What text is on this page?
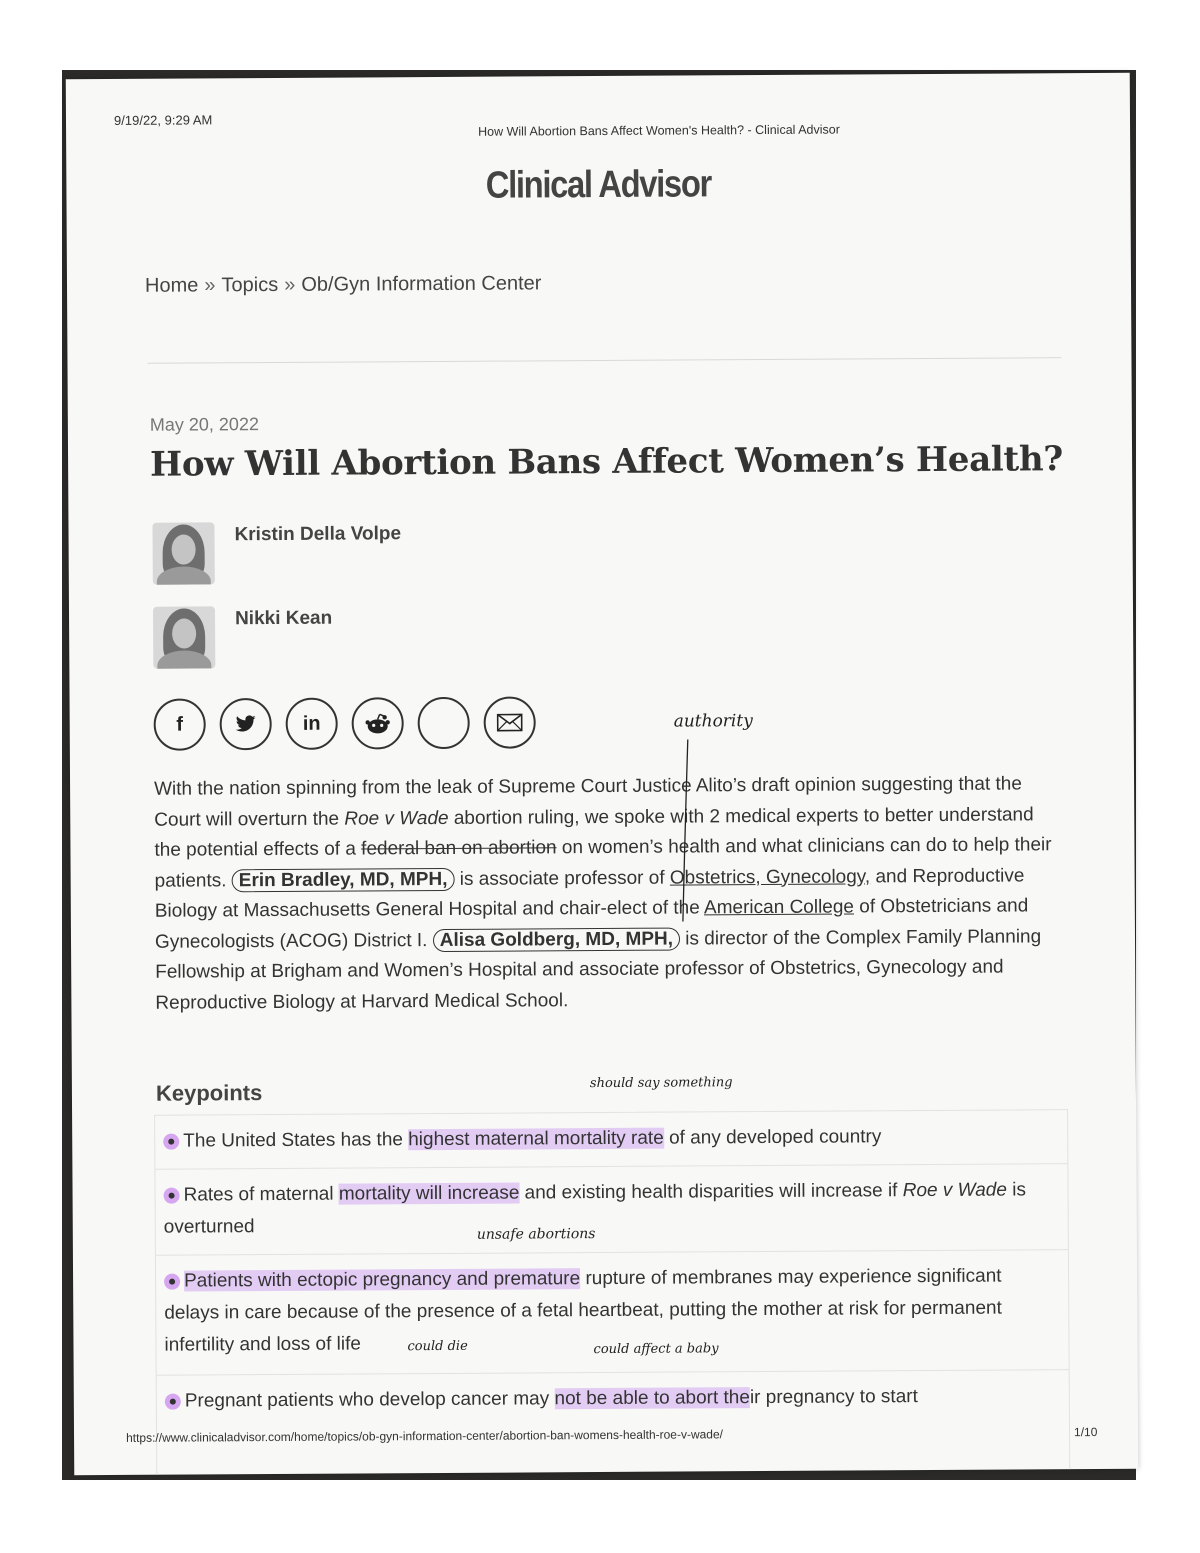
9/19/22, 9:29 AM
How Will Abortion Bans Affect Women's Health? - Clinical Advisor
Clinical Advisor
Home » Topics » Ob/Gyn Information Center
May 20, 2022
How Will Abortion Bans Affect Women’s Health?
Kristin Della Volpe
Nikki Kean
f	in
With the nation spinning from the leak of Supreme Court Justice Alito’s draft opinion suggesting that the Court will overturn the Roe v Wade abortion ruling, we spoke with 2 medical experts to better understand the potential effects of a federal ban on abortion on women’s health and what clinicians can do to help their patients. Erin Bradley, MD, MPH, is associate professor of Obstetrics, Gynecology, and Reproductive Biology at Massachusetts General Hospital and chair-elect of the American College of Obstetricians and Gynecologists (ACOG) District I. Alisa Goldberg, MD, MPH, is director of the Complex Family Planning Fellowship at Brigham and Women’s Hospital and associate professor of Obstetrics, Gynecology and Reproductive Biology at Harvard Medical School.
Keypoints
The United States has the highest maternal mortality rate of any developed country
Rates of maternal mortality will increase and existing health disparities will increase if Roe v Wade is overturned
Patients with ectopic pregnancy and premature rupture of membranes may experience significant delays in care because of the presence of a fetal heartbeat, putting the mother at risk for permanent infertility and loss of life
Pregnant patients who develop cancer may not be able to abort their pregnancy to start
authority
should say something
unsafe abortions
could die	could affect a baby
https://www.clinicaladvisor.com/home/topics/ob-gyn-information-center/abortion-ban-womens-health-roe-v-wade/	1/10
